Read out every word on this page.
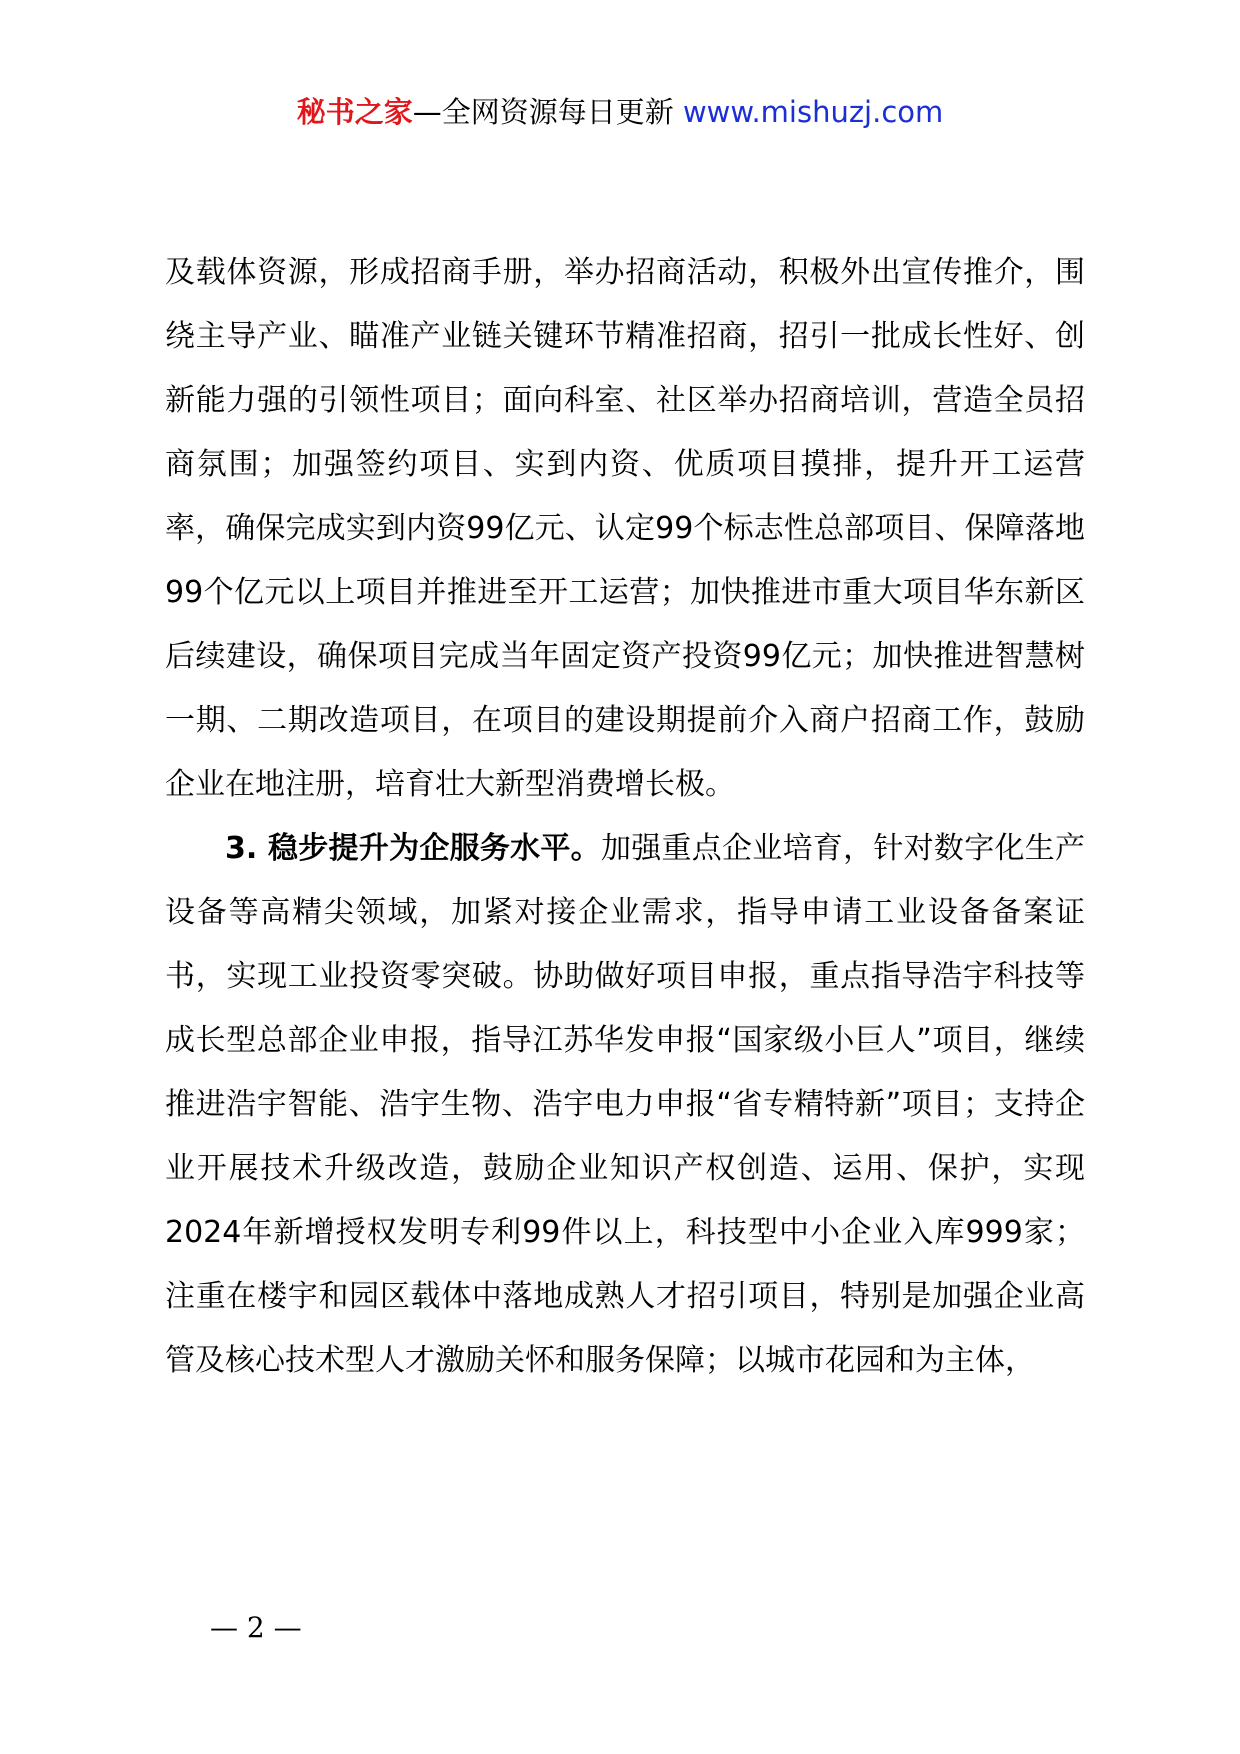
秘书之家—全网资源每日更新 www.mishuzj.com

及载体资源，形成招商手册，举办招商活动，积极外出宣传推介，围绕主导产业、瞄准产业链关键环节精准招商，招引一批成长性好、创新能力强的引领性项目；面向科室、社区举办招商培训，营造全员招商氛围；加强签约项目、实到内资、优质项目摸排，提升开工运营率，确保完成实到内资99亿元、认定99个标志性总部项目、保障落地99个亿元以上项目并推进至开工运营；加快推进市重大项目华东新区后续建设，确保项目完成当年固定资产投资99亿元；加快推进智慧树一期、二期改造项目，在项目的建设期提前介入商户招商工作，鼓励企业在地注册，培育壮大新型消费增长极。

3. 稳步提升为企服务水平。加强重点企业培育，针对数字化生产设备等高精尖领域，加紧对接企业需求，指导申请工业设备备案证书，实现工业投资零突破。协助做好项目申报，重点指导浩宇科技等成长型总部企业申报，指导江苏华发申报“国家级小巨人”项目，继续推进浩宇智能、浩宇生物、浩宇电力申报“省专精特新”项目；支持企业开展技术升级改造，鼓励企业知识产权创造、运用、保护，实现2024年新增授权发明专利99件以上，科技型中小企业入库999家；注重在楼宇和园区载体中落地成熟人才招引项目，特别是加强企业高管及核心技术型人才激励关怀和服务保障；以城市花园和为主体，

— 2 —
